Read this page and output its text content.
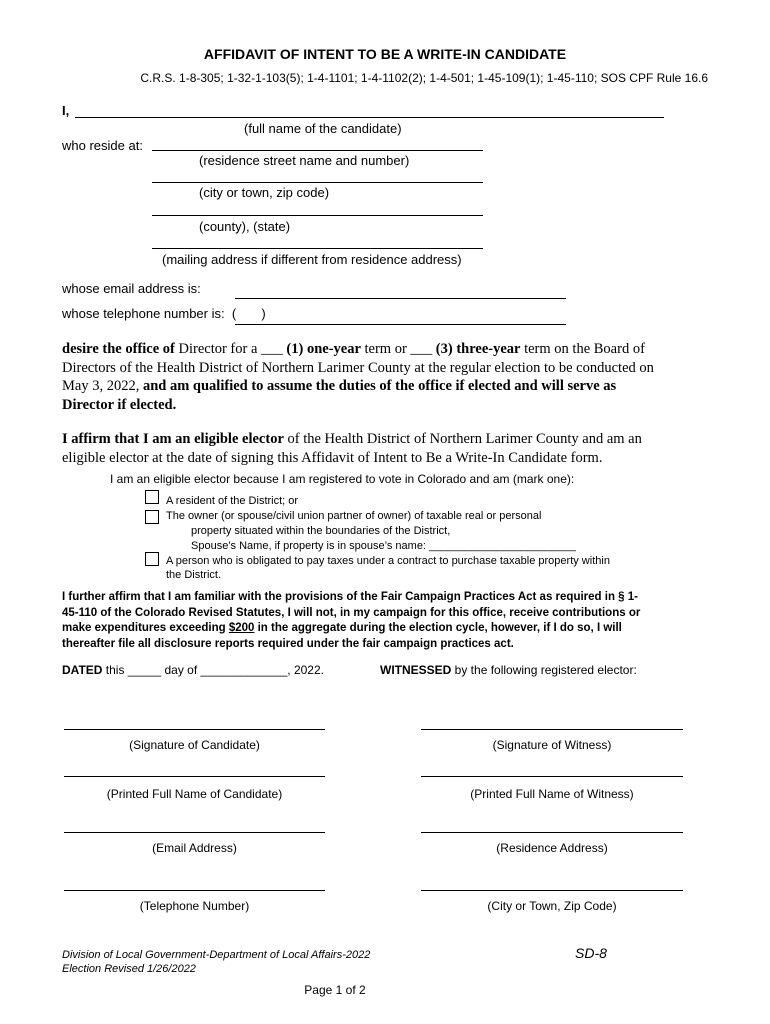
AFFIDAVIT OF INTENT TO BE A WRITE-IN CANDIDATE
C.R.S. 1-8-305; 1-32-1-103(5); 1-4-1101; 1-4-1102(2); 1-4-501; 1-45-109(1); 1-45-110; SOS CPF Rule 16.6
I,
(full name of the candidate)
who reside at:
(residence street name and number)
(city or town, zip code)
(county), (state)
(mailing address if different from residence address)
whose email address is:
whose telephone number is:  (       )
desire the office of Director for a ___ (1) one-year term or ___ (3) three-year term on the Board of
Directors of the Health District of Northern Larimer County at the regular election to be conducted on
May 3, 2022, and am qualified to assume the duties of the office if elected and will serve as
Director if elected.
I affirm that I am an eligible elector of the Health District of Northern Larimer County and am an
eligible elector at the date of signing this Affidavit of Intent to Be a Write-In Candidate form.
I am an eligible elector because I am registered to vote in Colorado and am (mark one):
A resident of the District; or
The owner (or spouse/civil union partner of owner) of taxable real or personal
property situated within the boundaries of the District,
Spouse’s Name, if property is in spouse’s name: ________________________
A person who is obligated to pay taxes under a contract to purchase taxable property within
the District.
I further affirm that I am familiar with the provisions of the Fair Campaign Practices Act as required in § 1-
45-110 of the Colorado Revised Statutes, I will not, in my campaign for this office, receive contributions or
make expenditures exceeding $200 in the aggregate during the election cycle, however, if I do so, I will
thereafter file all disclosure reports required under the fair campaign practices act.
DATED this _____ day of _____________, 2022.	WITNESSED by the following registered elector:
(Signature of Candidate)
(Printed Full Name of Candidate)
(Email Address)
(Telephone Number)
(Signature of Witness)
(Printed Full Name of Witness)
(Residence Address)
(City or Town, Zip Code)
Division of Local Government-Department of Local Affairs-2022
Election Revised 1/26/2022
SD-8
Page 1 of 2
